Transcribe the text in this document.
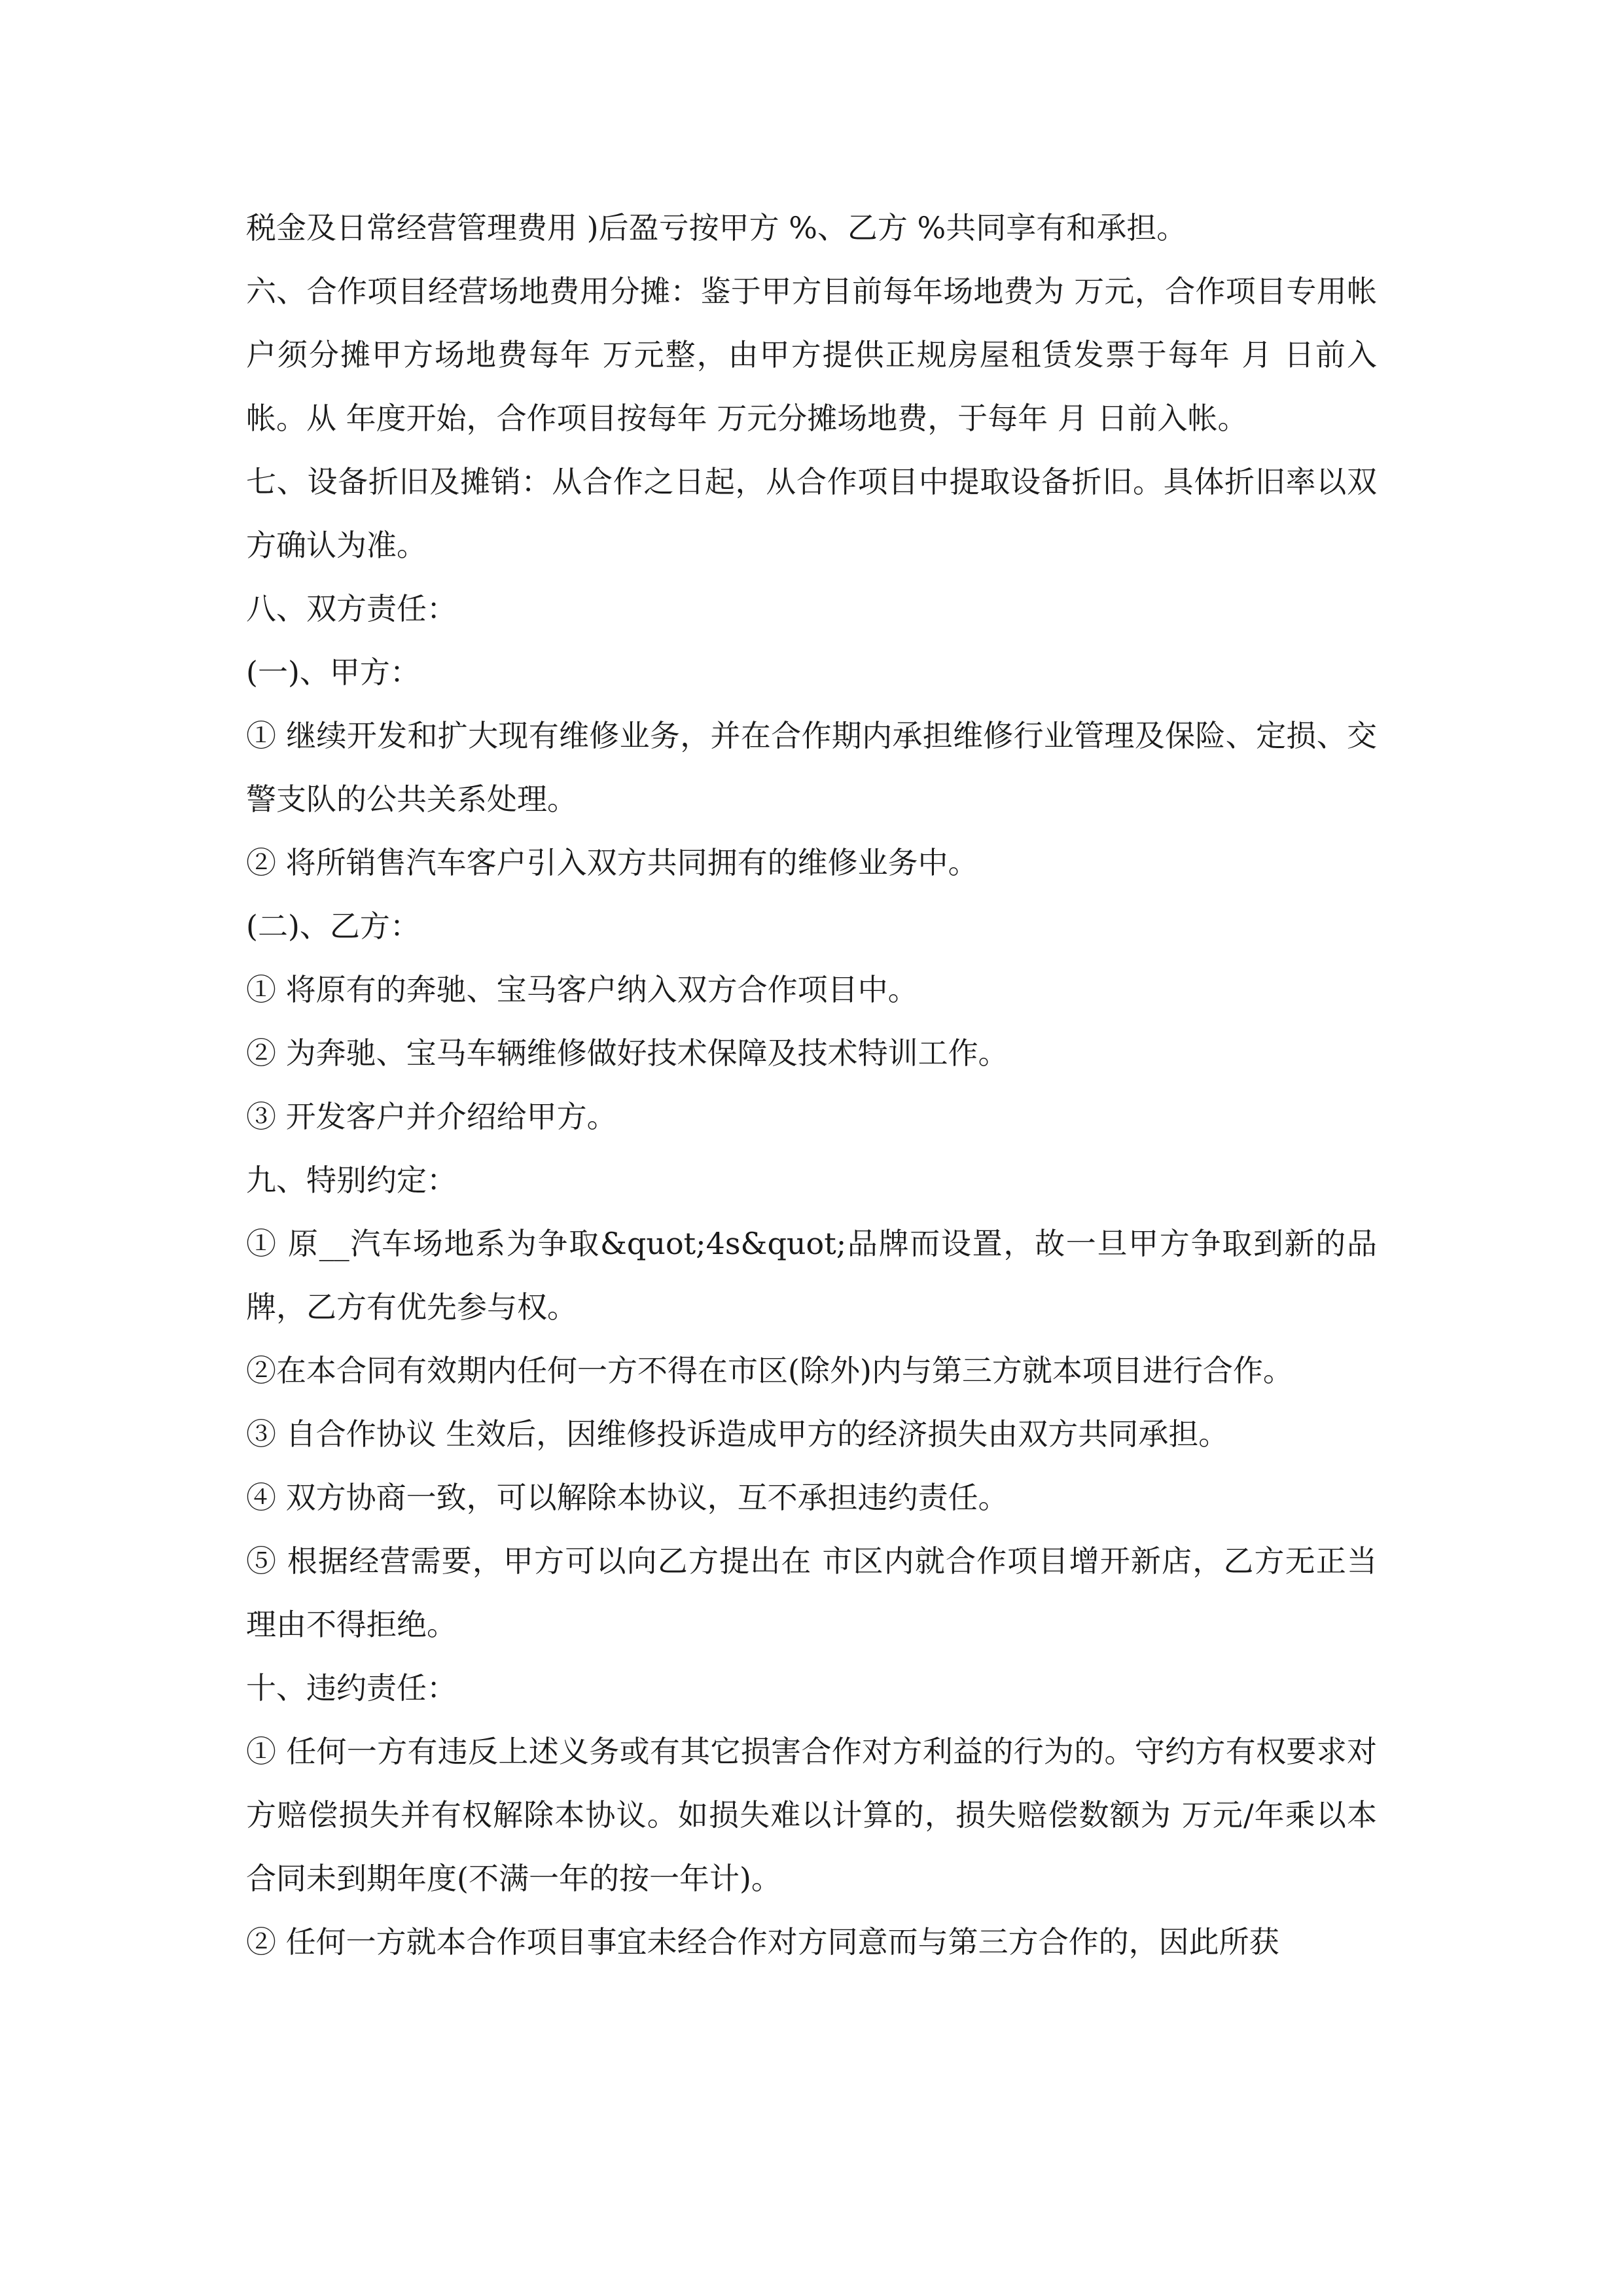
税金及日常经营管理费用 )后盈亏按甲方 %、乙方 %共同享有和承担。

六、合作项目经营场地费用分摊：鉴于甲方目前每年场地费为 万元，合作项目专用帐户须分摊甲方场地费每年 万元整，由甲方提供正规房屋租赁发票于每年 月 日前入帐。从 年度开始，合作项目按每年 万元分摊场地费，于每年 月 日前入帐。

七、设备折旧及摊销：从合作之日起，从合作项目中提取设备折旧。具体折旧率以双方确认为准。

八、双方责任：

(一)、甲方：

① 继续开发和扩大现有维修业务，并在合作期内承担维修行业管理及保险、定损、交警支队的公共关系处理。

② 将所销售汽车客户引入双方共同拥有的维修业务中。

(二)、乙方：

① 将原有的奔驰、宝马客户纳入双方合作项目中。

② 为奔驰、宝马车辆维修做好技术保障及技术特训工作。

③ 开发客户并介绍给甲方。

九、特别约定：

① 原__汽车场地系为争取&quot;4s&quot;品牌而设置，故一旦甲方争取到新的品牌，乙方有优先参与权。

②在本合同有效期内任何一方不得在市区(除外)内与第三方就本项目进行合作。

③ 自合作协议 生效后，因维修投诉造成甲方的经济损失由双方共同承担。

④ 双方协商一致，可以解除本协议，互不承担违约责任。

⑤ 根据经营需要，甲方可以向乙方提出在 市区内就合作项目增开新店，乙方无正当理由不得拒绝。

十、违约责任：

① 任何一方有违反上述义务或有其它损害合作对方利益的行为的。守约方有权要求对方赔偿损失并有权解除本协议。如损失难以计算的，损失赔偿数额为 万元/年乘以本合同未到期年度(不满一年的按一年计)。

② 任何一方就本合作项目事宜未经合作对方同意而与第三方合作的，因此所获
